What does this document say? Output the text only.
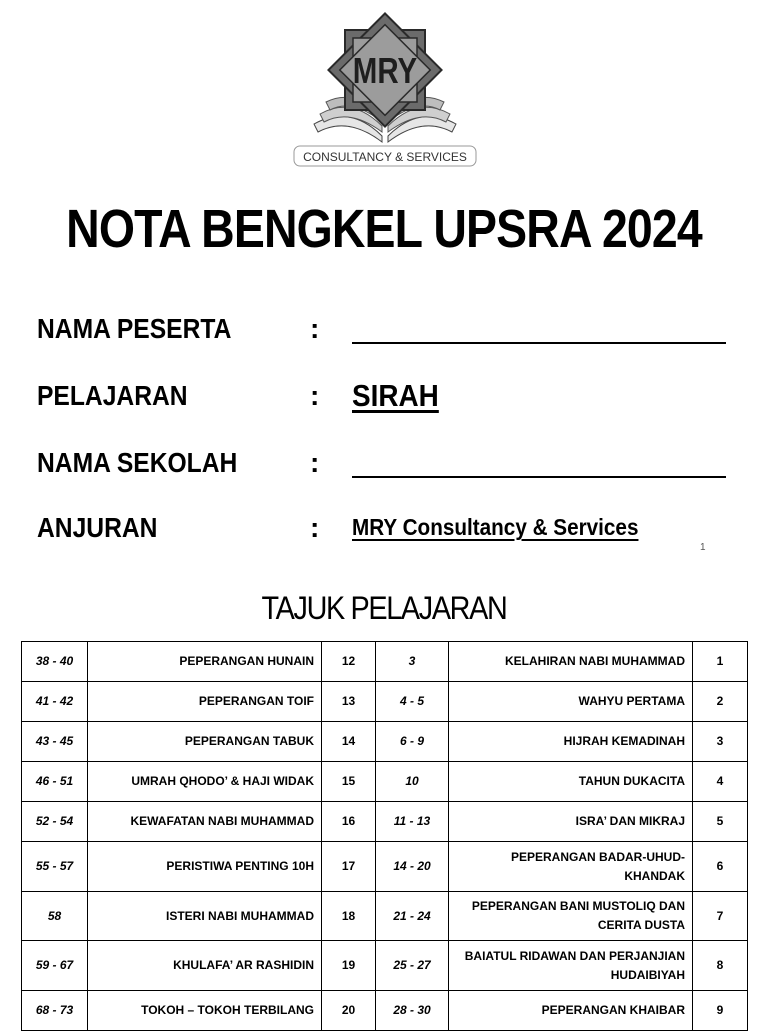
MRY
CONSULTANCY & SERVICES
NOTA BENGKEL UPSRA 2024
NAMA PESERTA	:
PELAJARAN	: SIRAH
NAMA SEKOLAH	:
ANJURAN	: MRY Consultancy & Services
1
TAJUK PELAJARAN
38 - 40	PEPERANGAN HUNAIN	12	3	KELAHIRAN NABI MUHAMMAD	1
41 - 42	PEPERANGAN TOIF	13	4 - 5	WAHYU PERTAMA	2
43 - 45	PEPERANGAN TABUK	14	6 - 9	HIJRAH KEMADINAH	3
46 - 51	UMRAH QHODO’ & HAJI WIDAK	15	10	TAHUN DUKACITA	4
52 - 54	KEWAFATAN NABI MUHAMMAD	16	11 - 13	ISRA’ DAN MIKRAJ	5
55 - 57	PERISTIWA PENTING 10H	17	14 - 20	PEPERANGAN BADAR-UHUD-KHANDAK	6
58	ISTERI NABI MUHAMMAD	18	21 - 24	PEPERANGAN BANI MUSTOLIQ DAN CERITA DUSTA	7
59 - 67	KHULAFA’ AR RASHIDIN	19	25 - 27	BAIATUL RIDAWAN DAN PERJANJIAN HUDAIBIYAH	8
68 - 73	TOKOH – TOKOH TERBILANG	20	28 - 30	PEPERANGAN KHAIBAR	9
